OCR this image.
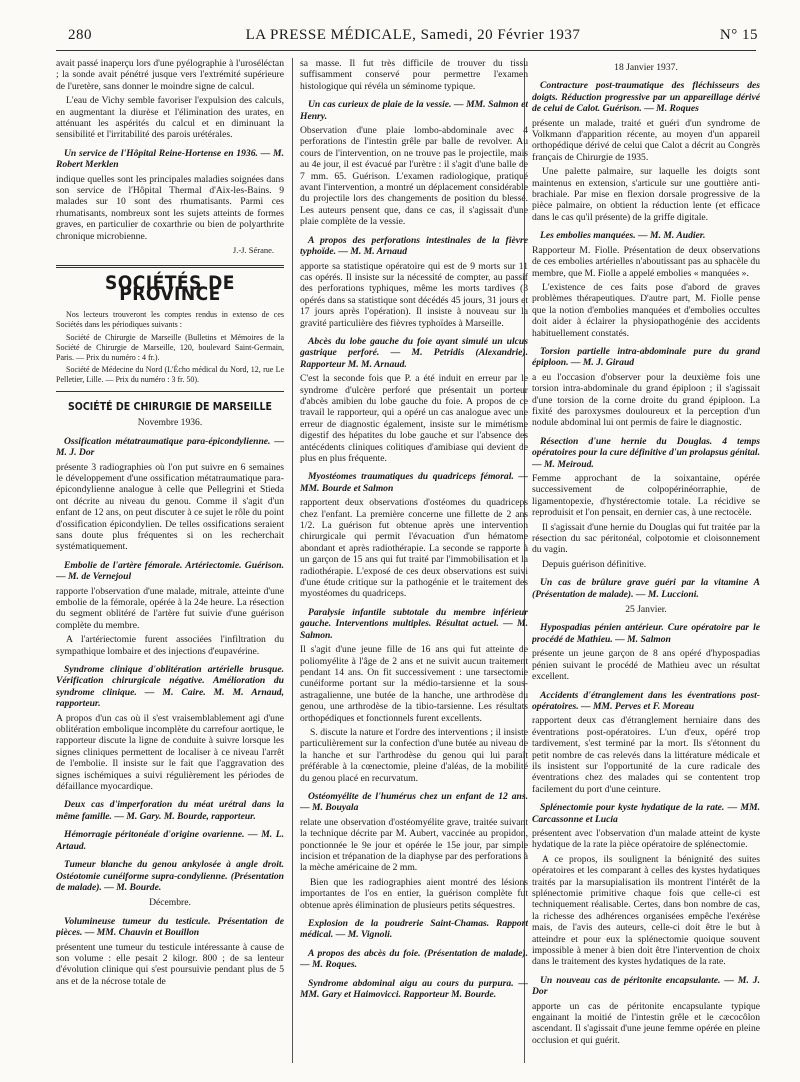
280	LA PRESSE MÉDICALE, Samedi, 20 Février 1937	N° 15

avait passé inaperçu lors d'une pyélographie à l'uroséléctan ; la sonde avait pénétré jusque vers l'extrémité supérieure de l'uretère, sans donner le moindre signe de calcul.

L'eau de Vichy semble favoriser l'expulsion des calculs, en augmentant la diurèse et l'élimination des urates, en atténuant les aspérités du calcul et en diminuant la sensibilité et l'irritabilité des parois urétérales.

Un service de l'Hôpital Reine-Hortense en 1936. — M. Robert Merklen

indique quelles sont les principales maladies soignées dans son service de l'Hôpital Thermal d'Aix-les-Bains. 9 malades sur 10 sont des rhumatisants. Parmi ces rhumatisants, nombreux sont les sujets atteints de formes graves, en particulier de coxarthrie ou bien de polyarthrite chronique microbienne.

J.-J. Sérane.
SOCIÉTÉS DE PROVINCE

Nos lecteurs trouveront les comptes rendus in extenso de ces Sociétés dans les périodiques suivants :

Société de Chirurgie de Marseille (Bulletins et Mémoires de la Société de Chirurgie de Marseille, 120, boulevard Saint-Germain, Paris. — Prix du numéro : 4 fr.).

Société de Médecine du Nord (L'Écho médical du Nord, 12, rue Le Pelletier, Lille. — Prix du numéro : 3 fr. 50).

SOCIÉTÉ DE CHIRURGIE DE MARSEILLE

Novembre 1936.

Ossification métatraumatique para-épicondylienne. — M. J. Dor

présente 3 radiographies où l'on put suivre en 6 semaines le développement d'une ossification métatraumatique para-épicondylienne analogue à celle que Pellegrini et Stieda ont décrite au niveau du genou. Comme il s'agit d'un enfant de 12 ans, on peut discuter à ce sujet le rôle du point d'ossification épicondylien. De telles ossifications seraient sans doute plus fréquentes si on les recherchait systématiquement.

Embolie de l'artère fémorale. Artériectomie. Guérison. — M. de Vernejoul

rapporte l'observation d'une malade, mitrale, atteinte d'une embolie de la fémorale, opérée à la 24e heure. La résection du segment oblitéré de l'artère fut suivie d'une guérison complète du membre.

A l'artériectomie furent associées l'infiltration du sympathique lombaire et des injections d'eupavérine.

Syndrome clinique d'oblitération artérielle brusque. Vérification chirurgicale négative. Amélioration du syndrome clinique. — M. Caire. M. M. Arnaud, rapporteur.

A propos d'un cas où il s'est vraisemblablement agi d'une oblitération embolique incomplète du carrefour aortique, le rapporteur discute la ligne de conduite à suivre lorsque les signes cliniques permettent de localiser à ce niveau l'arrêt de l'embolie. Il insiste sur le fait que l'aggravation des signes ischémiques a suivi régulièrement les périodes de défaillance myocardique.

Deux cas d'imperforation du méat urétral dans la même famille. — M. Gary. M. Bourde, rapporteur.

Hémorragie péritonéale d'origine ovarienne. — M. L. Artaud.

Tumeur blanche du genou ankylosée à angle droit. Ostéotomie cunéiforme supra-condylienne. (Présentation de malade). — M. Bourde.

Décembre.

Volumineuse tumeur du testicule. Présentation de pièces. — MM. Chauvin et Bouillon

présentent une tumeur du testicule intéressante à cause de son volume : elle pesait 2 kilogr. 800 ; de sa lenteur d'évolution clinique qui s'est poursuivie pendant plus de 5 ans et de la nécrose totale de

sa masse. Il fut très difficile de trouver du tissu suffisamment conservé pour permettre l'examen histologique qui révéla un séminome typique.

Un cas curieux de plaie de la vessie. — MM. Salmon et Henry.

Observation d'une plaie lombo-abdominale avec 4 perforations de l'intestin grêle par balle de revolver. Au cours de l'intervention, on ne trouve pas le projectile, mais au 4e jour, il est évacué par l'urètre : il s'agit d'une balle de 7 mm. 65. Guérison. L'examen radiologique, pratiqué avant l'intervention, a montré un déplacement considérable du projectile lors des changements de position du blessé. Les auteurs pensent que, dans ce cas, il s'agissait d'une plaie complète de la vessie.

A propos des perforations intestinales de la fièvre typhoïde. — M. M. Arnaud

apporte sa statistique opératoire qui est de 9 morts sur 11 cas opérés. Il insiste sur la nécessité de compter, au passif des perforations typhiques, même les morts tardives (3 opérés dans sa statistique sont décédés 45 jours, 31 jours et 17 jours après l'opération). Il insiste à nouveau sur la gravité particulière des fièvres typhoïdes à Marseille.

Abcès du lobe gauche du foie ayant simulé un ulcus gastrique perforé. — M. Petridis (Alexandrie). Rapporteur M. M. Arnaud.

C'est la seconde fois que P. a été induit en erreur par le syndrome d'ulcère perforé que présentait un porteur d'abcès amibien du lobe gauche du foie. A propos de ce travail le rapporteur, qui a opéré un cas analogue avec une erreur de diagnostic également, insiste sur le mimétisme digestif des hépatites du lobe gauche et sur l'absence des antécédents cliniques colitiques d'amibiase qui devient de plus en plus fréquente.

Myostéomes traumatiques du quadriceps fémoral. — MM. Bourde et Salmon

rapportent deux observations d'ostéomes du quadriceps chez l'enfant. La première concerne une fillette de 2 ans 1/2. La guérison fut obtenue après une intervention chirurgicale qui permit l'évacuation d'un hématome abondant et après radiothérapie. La seconde se rapporte à un garçon de 15 ans qui fut traité par l'immobilisation et la radiothérapie. L'exposé de ces deux observations est suivi d'une étude critique sur la pathogénie et le traitement des myostéomes du quadriceps.

Paralysie infantile subtotale du membre inférieur gauche. Interventions multiples. Résultat actuel. — M. Salmon.

Il s'agit d'une jeune fille de 16 ans qui fut atteinte de poliomyélite à l'âge de 2 ans et ne suivit aucun traitement pendant 14 ans. On fit successivement : une tarsectomie cunéiforme portant sur la médio-tarsienne et la sous-astragalienne, une butée de la hanche, une arthrodèse du genou, une arthrodèse de la tibio-tarsienne. Les résultats orthopédiques et fonctionnels furent excellents.

S. discute la nature et l'ordre des interventions ; il insiste particulièrement sur la confection d'une butée au niveau de la hanche et sur l'arthrodèse du genou qui lui paraît préférable à la cœnectomie, pleine d'aléas, de la mobilité du genou placé en recurvatum.

Ostéomyélite de l'humérus chez un enfant de 12 ans. — M. Bouyala

relate une observation d'ostéomyélite grave, traitée suivant la technique décrite par M. Aubert, vaccinée au propidon, ponctionnée le 9e jour et opérée le 15e jour, par simple incision et trépanation de la diaphyse par des perforations à la mèche américaine de 2 mm.

Bien que les radiographies aient montré des lésions importantes de l'os en entier, la guérison complète fut obtenue après élimination de plusieurs petits séquestres.

Explosion de la poudrerie Saint-Chamas. Rapport médical. — M. Vignoli.

A propos des abcès du foie. (Présentation de malade). — M. Roques.

Syndrome abdominal aigu au cours du purpura. — MM. Gary et Haimovicci. Rapporteur M. Bourde.

18 Janvier 1937.

Contracture post-traumatique des fléchisseurs des doigts. Réduction progressive par un appareillage dérivé de celui de Calot. Guérison. — M. Roques

présente un malade, traité et guéri d'un syndrome de Volkmann d'apparition récente, au moyen d'un appareil orthopédique dérivé de celui que Calot a décrit au Congrès français de Chirurgie de 1935.

Une palette palmaire, sur laquelle les doigts sont maintenus en extension, s'articule sur une gouttière anti-brachiale. Par mise en flexion dorsale progressive de la pièce palmaire, on obtient la réduction lente (et efficace dans le cas qu'il présente) de la griffe digitale.

Les embolies manquées. — M. M. Audier.

Rapporteur M. Fiolle. Présentation de deux observations de ces embolies artérielles n'aboutissant pas au sphacèle du membre, que M. Fiolle a appelé embolies « manquées ».

L'existence de ces faits pose d'abord de graves problèmes thérapeutiques. D'autre part, M. Fiolle pense que la notion d'embolies manquées et d'embolies occultes doit aider à éclairer la physiopathogénie des accidents habituellement constatés.

Torsion partielle intra-abdominale pure du grand épiploon. — M. J. Giraud

a eu l'occasion d'observer pour la deuxième fois une torsion intra-abdominale du grand épiploon ; il s'agissait d'une torsion de la corne droite du grand épiploon. La fixité des paroxysmes douloureux et la perception d'un nodule abdominal lui ont permis de faire le diagnostic.

Résection d'une hernie du Douglas. 4 temps opératoires pour la cure définitive d'un prolapsus génital. — M. Meiroud.

Femme approchant de la soixantaine, opérée successivement de colpopérinéorraphie, de ligamentopexie, d'hystérectomie totale. La récidive se reproduisit et l'on pensait, en dernier cas, à une rectocèle.

Il s'agissait d'une hernie du Douglas qui fut traitée par la résection du sac péritonéal, colpotomie et cloisonnement du vagin.

Depuis guérison définitive.

Un cas de brûlure grave guéri par la vitamine A (Présentation de malade). — M. Luccioni.

25 Janvier.

Hypospadias pénien antérieur. Cure opératoire par le procédé de Mathieu. — M. Salmon

présente un jeune garçon de 8 ans opéré d'hypospadias pénien suivant le procédé de Mathieu avec un résultat excellent.

Accidents d'étranglement dans les éventrations post-opératoires. — MM. Perves et F. Moreau

rapportent deux cas d'étranglement herniaire dans des éventrations post-opératoires. L'un d'eux, opéré trop tardivement, s'est terminé par la mort. Ils s'étonnent du petit nombre de cas relevés dans la littérature médicale et ils insistent sur l'opportunité de la cure radicale des éventrations chez des malades qui se contentent trop facilement du port d'une ceinture.

Splénectomie pour kyste hydatique de la rate. — MM. Carcassonne et Lucia

présentent avec l'observation d'un malade atteint de kyste hydatique de la rate la pièce opératoire de splénectomie.

A ce propos, ils soulignent la bénignité des suites opératoires et les comparant à celles des kystes hydatiques traités par la marsupialisation ils montrent l'intérêt de la splénectomie primitive chaque fois que celle-ci est techniquement réalisable. Certes, dans bon nombre de cas, la richesse des adhérences organisées empêche l'exérèse mais, de l'avis des auteurs, celle-ci doit être le but à atteindre et pour eux la splénectomie quoique souvent impossible à mener à bien doit être l'intervention de choix dans le traitement des kystes hydatiques de la rate.

Un nouveau cas de péritonite encapsulante. — M. J. Dor

apporte un cas de péritonite encapsulante typique engainant la moitié de l'intestin grêle et le cæcocôlon ascendant. Il s'agissait d'une jeune femme opérée en pleine occlusion et qui guérit.
